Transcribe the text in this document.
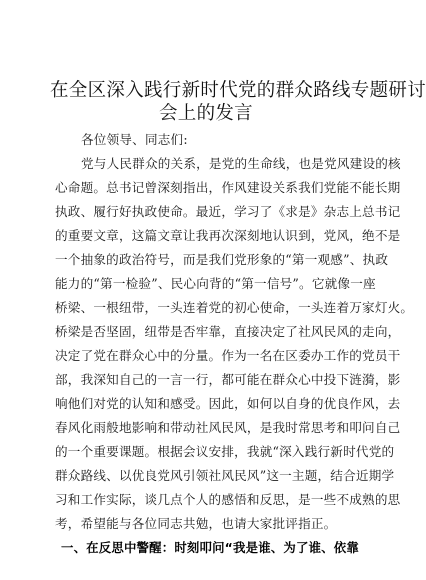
在全区深入践行新时代党的群众路线专题研讨
会上的发言
各位领导、同志们:
党与人民群众的关系，是党的生命线，也是党风建设的核
心命题。总书记曾深刻指出，作风建设关系我们党能不能长期
执政、履行好执政使命。最近，学习了《求是》杂志上总书记
的重要文章，这篇文章让我再次深刻地认识到，党风，绝不是
一个抽象的政治符号，而是我们党形象的“第一观感”、执政
能力的“第一检验”、民心向背的“第一信号”。它就像一座
桥梁、一根纽带，一头连着党的初心使命，一头连着万家灯火。
桥梁是否坚固，纽带是否牢靠，直接决定了社风民风的走向，
决定了党在群众心中的分量。作为一名在区委办工作的党员干
部，我深知自己的一言一行，都可能在群众心中投下涟漪，影
响他们对党的认知和感受。因此，如何以自身的优良作风，去
春风化雨般地影响和带动社风民风，是我时常思考和叩问自己
的一个重要课题。根据会议安排，我就“深入践行新时代党的
群众路线、以优良党风引领社风民风”这一主题，结合近期学
习和工作实际，谈几点个人的感悟和反思，是一些不成熟的思
考，希望能与各位同志共勉，也请大家批评指正。
一、在反思中警醒：时刻叩问“我是谁、为了谁、依靠
